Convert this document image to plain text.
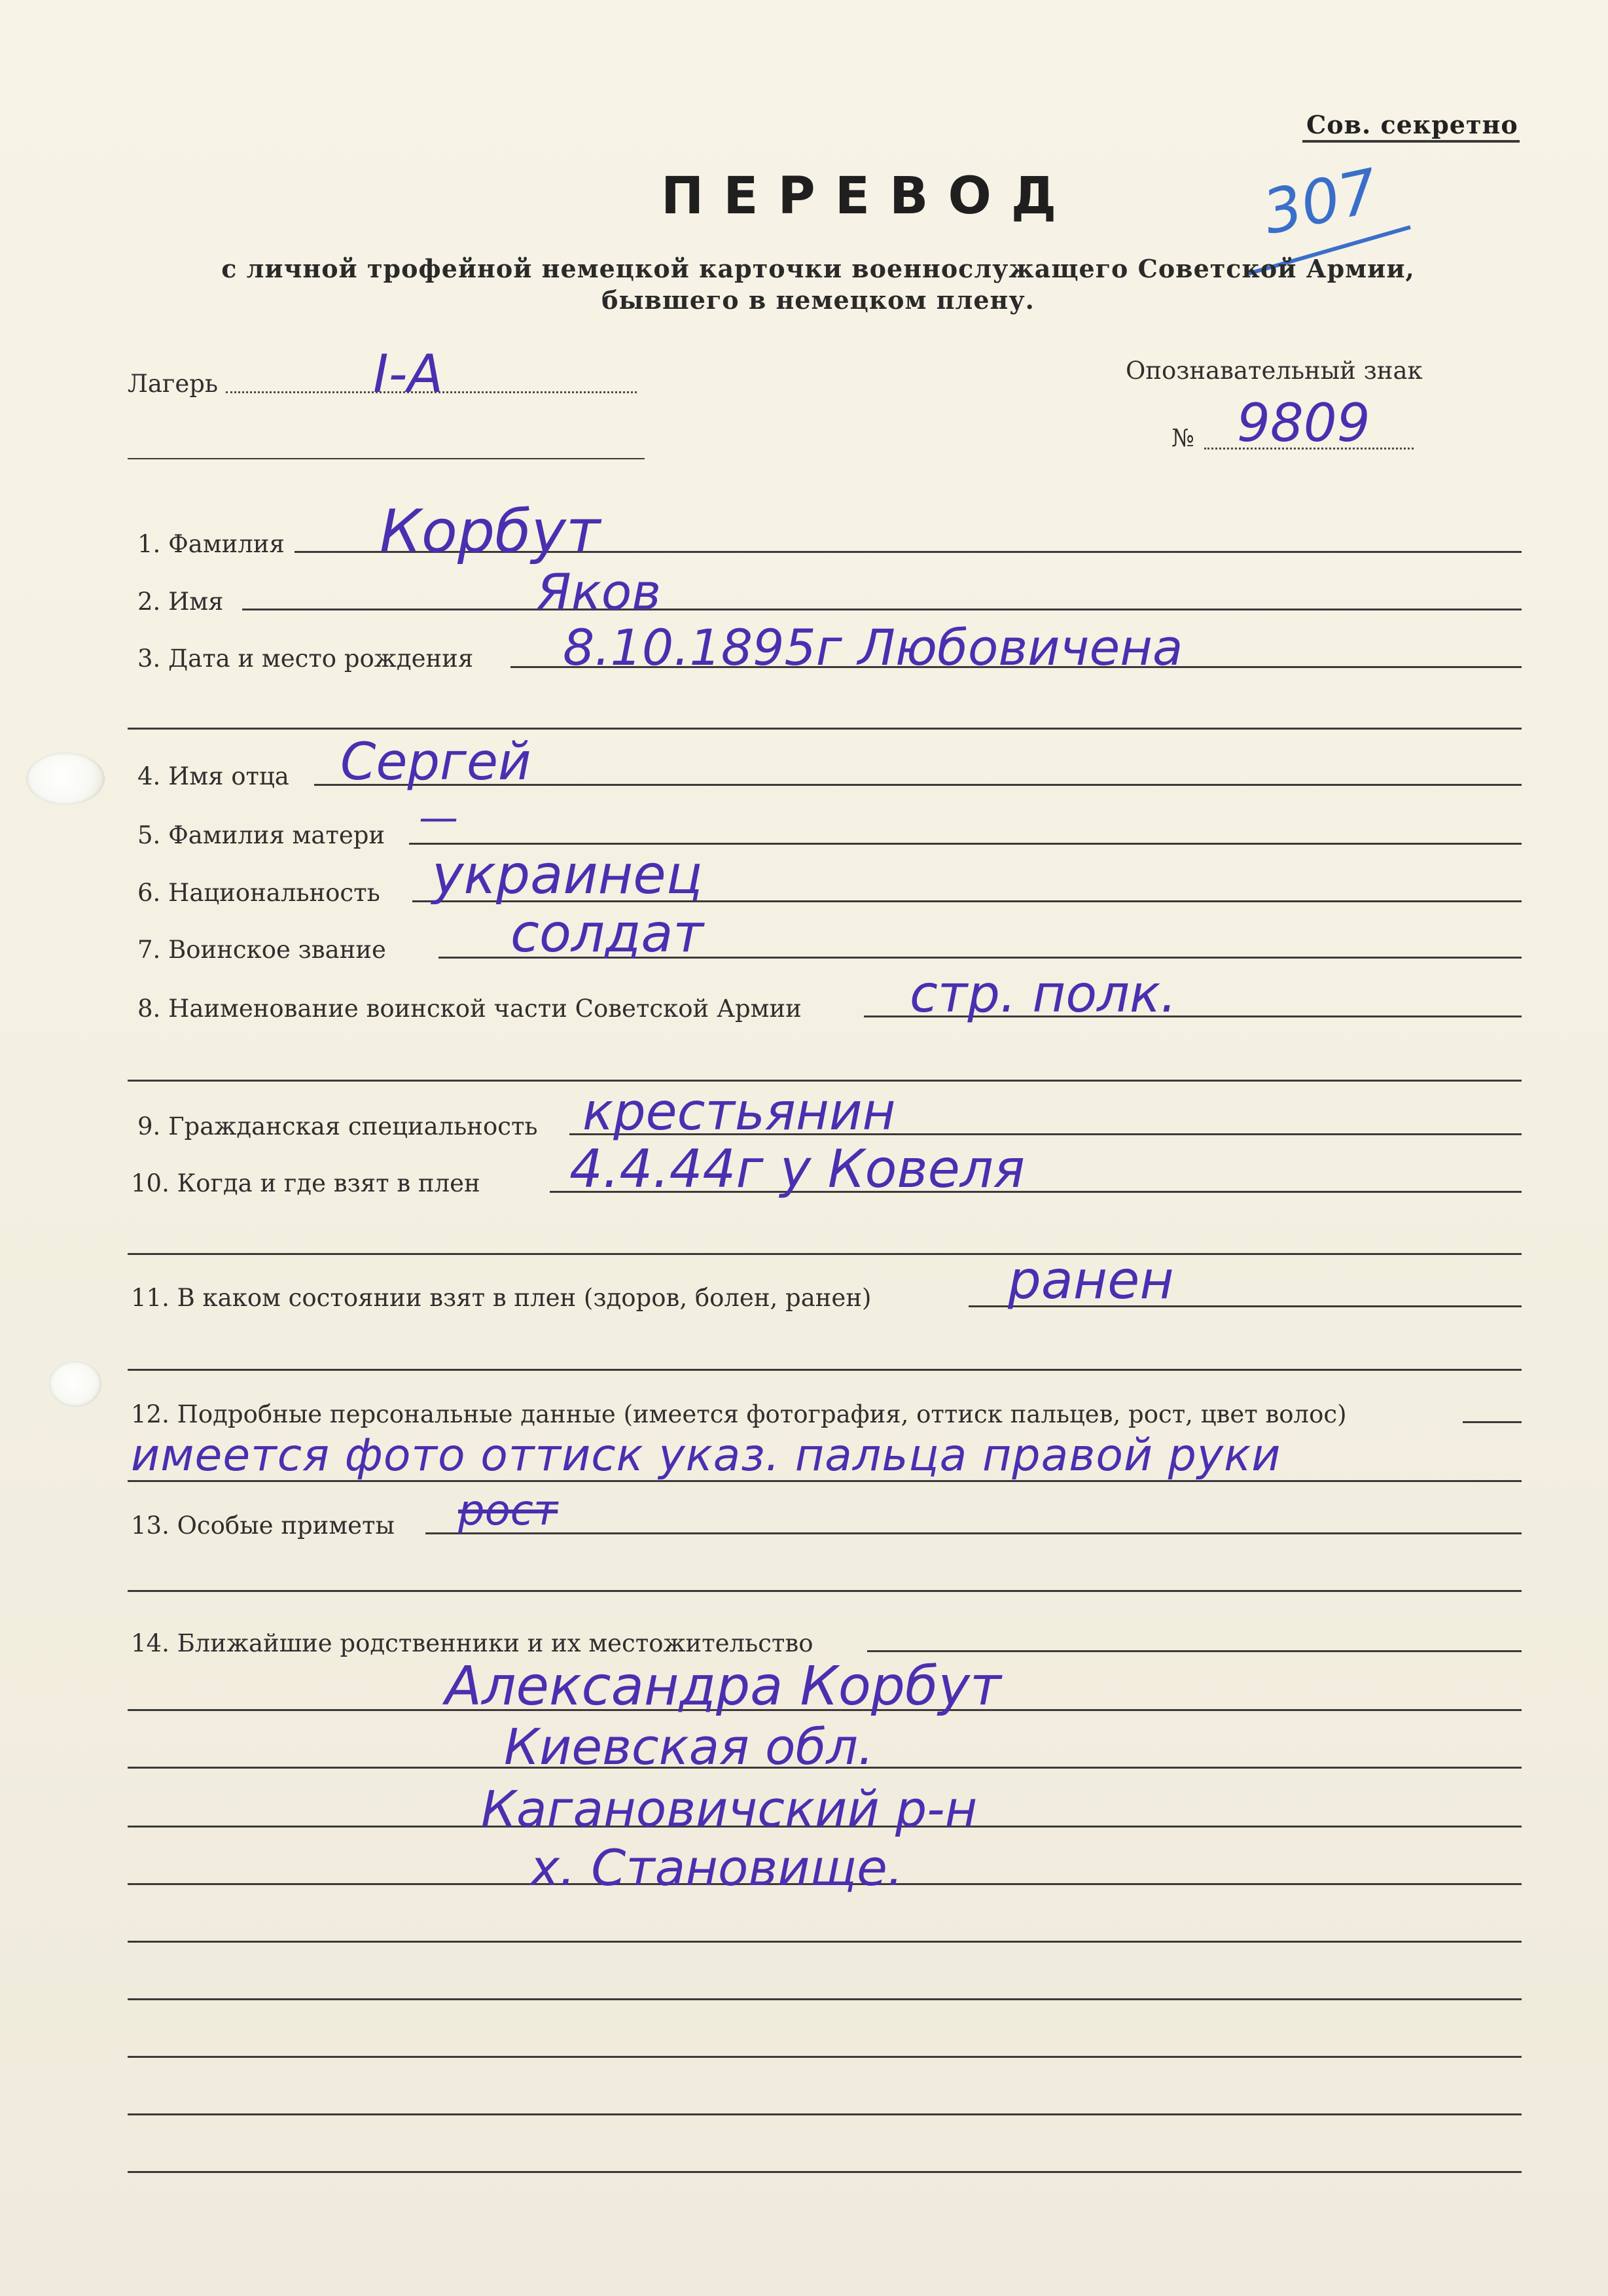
Сов. секретно
307
ПЕРЕВОД
с личной трофейной немецкой карточки военнослужащего Советской Армии,
бывшего в немецком плену.
Лагерь	I-A	Опознавательный знак
№ 9809
1. Фамилия Корбут
2. Имя	Яков
3. Дата и место рождения 8.10.1895г Любовичена
4. Имя отца Сергей
5. Фамилия матери —
6. Национальность украинец
7. Воинское звание солдат
8. Наименование воинской части Советской Армии стр. полк.
9. Гражданская специальность крестьянин
10. Когда и где взят в плен 4.4.44г у Ковеля
11. В каком состоянии взят в плен (здоров, болен, ранен)	ранен
12. Подробные персональные данные (имеется фотография, оттиск пальцев, рост, цвет волос)
имеется фото оттиск указ. пальца правой руки
13. Особые приметы рост
14. Ближайшие родственники и их местожительство
Александра Корбут
Киевская обл.
Кагановичский р-н
х. Становище.
